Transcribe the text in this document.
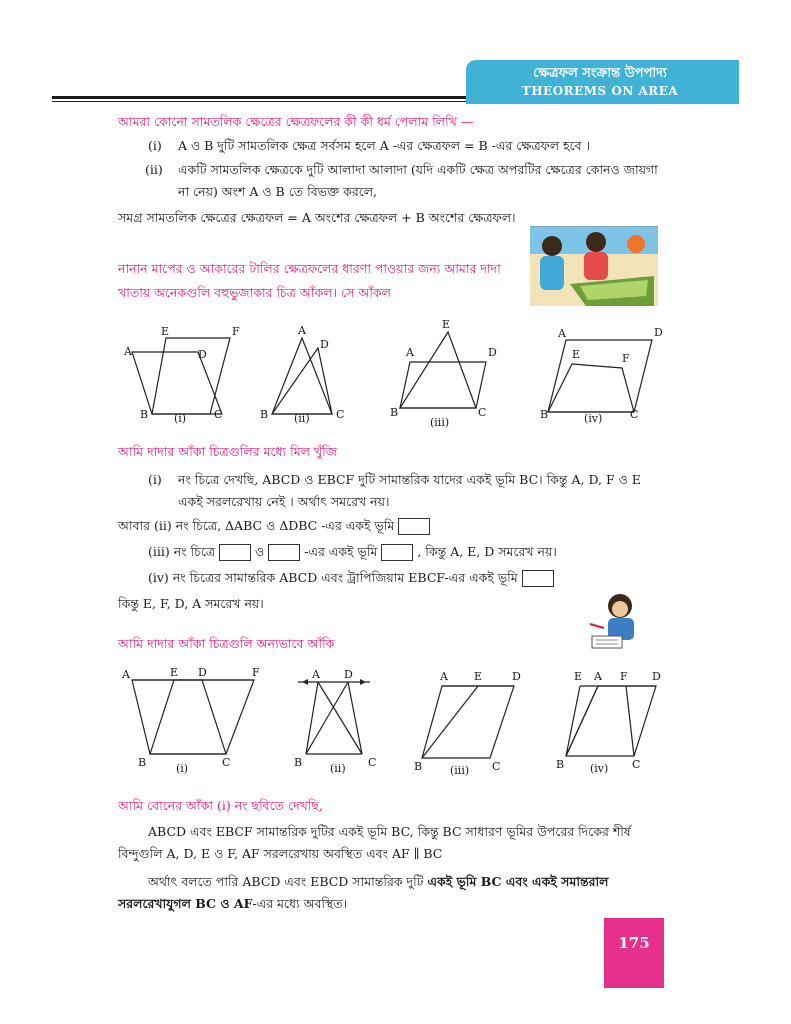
ক্ষেত্রফল সংক্রান্ত উপপাদ্য
THEOREMS ON AREA
আমরা কোনো সামতলিক ক্ষেত্রের ক্ষেত্রফলের কী কী ধর্ম পেলাম লিখি —
(i) A ও B দুটি সামতলিক ক্ষেত্র সর্বসম হলে A -এর ক্ষেত্রফল = B -এর ক্ষেত্রফল হবে ।
(ii) একটি সামতলিক ক্ষেত্রকে দুটি আলাদা আলাদা (যদি একটি ক্ষেত্র অপরটির ক্ষেত্রের কোনও জায়গা
না নেয়) অংশ A ও B তে বিভক্ত করলে,
সমগ্র সামতলিক ক্ষেত্রের ক্ষেত্রফল = A অংশের ক্ষেত্রফল + B অংশের ক্ষেত্রফল।
নানান মাপের ও আকারের টালির ক্ষেত্রফলের ধারণা পাওয়ার জন্য আমার দাদা
খাতায় অনেকগুলি বহুভুজাকার চিত্র আঁকল। সে আঁকল
A	D
E	F
B	C
(i)
A
D
B	C
(ii)
E
A	D
B	C
(iii)
A	D
E	F
B	C
(iv)
আমি দাদার আঁকা চিত্রগুলির মধ্যে মিল খুঁজি
(i) নং চিত্রে দেখছি, ABCD ও EBCF দুটি সামান্তরিক যাদের একই ভূমি BC। কিন্তু A, D, F ও E
একই সরলরেখায় নেই । অর্থাৎ সমরেখ নয়।
আবার (ii) নং চিত্রে, ΔABC ও ΔDBC -এর একই ভূমি
(iii) নং চিত্রে	ও	-এর একই ভূমি	, কিন্তু A, E, D সমরেখ নয়।
(iv) নং চিত্রের সামান্তরিক ABCD এবং ট্রাপিজিয়াম EBCF-এর একই ভূমি
কিন্তু E, F, D, A সমরেখ নয়।
আমি দাদার আঁকা চিত্রগুলি অন্যভাবে আঁকি
A	E D	F
B	C
(i)
A D
B	C
(ii)
A E	D
B	C
(iii)
E A F D
B	C
(iv)
আমি বোনের আঁকা (i) নং ছবিতে দেখছি,
ABCD এবং EBCF সামান্তরিক দুটির একই ভূমি BC, কিন্তু BC সাধারণ ভূমির উপরের দিকের শীর্ষ
বিন্দুগুলি A, D, E ও F, AF সরলরেখায় অবস্থিত এবং AF ∥ BC
অর্থাৎ বলতে পারি ABCD এবং EBCD সামান্তরিক দুটি একই ভূমি BC এবং একই সমান্তরাল
সরলরেখাযুগল BC ও AF-এর মধ্যে অবস্থিত।
175
